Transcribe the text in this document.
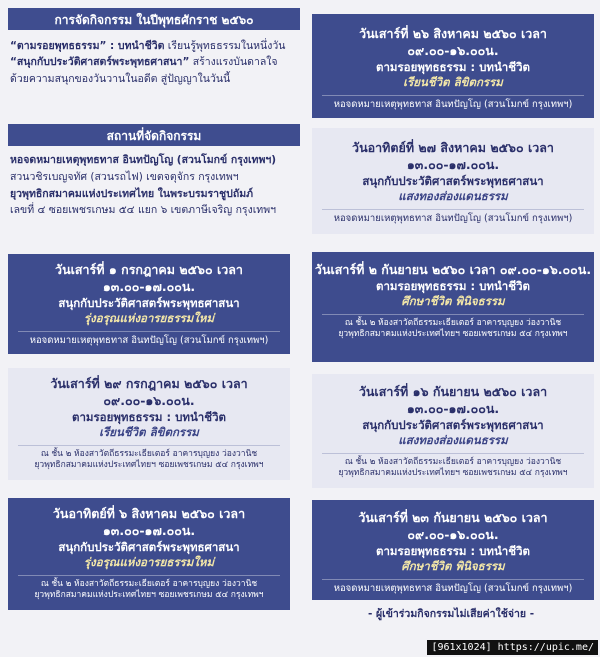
การจัดกิจกรรม ในปีพุทธศักราช ๒๕๖๐
“ตามรอยพุทธธรรม” : บทนำชีวิต เรียนรู้พุทธธรรมในหนึ่งวัน
“สนุกกับประวัติศาสตร์พระพุทธศาสนา” สร้างแรงบันดาลใจ
ด้วยความสนุกของวันวานในอดีต สู่ปัญญาในวันนี้
สถานที่จัดกิจกรรม
หอจดหมายเหตุพุทธทาส อินทปัญโญ (สวนโมกข์ กรุงเทพฯ)
สวนวชิรเบญจทัศ (สวนรถไฟ) เขตจตุจักร กรุงเทพฯ
ยุวพุทธิกสมาคมแห่งประเทศไทย ในพระบรมราชูปถัมภ์
เลขที่ ๔ ซอยเพชรเกษม ๕๔ แยก ๖ เขตภาษีเจริญ กรุงเทพฯ
วันเสาร์ที่ ๑ กรกฎาคม ๒๕๖๐ เวลา ๑๓.๐๐-๑๗.๐๐น.
สนุกกับประวัติศาสตร์พระพุทธศาสนา
รุ่งอรุณแห่งอารยธรรมใหม่
หอจดหมายเหตุพุทธทาส อินทปัญโญ (สวนโมกข์ กรุงเทพฯ)
วันเสาร์ที่ ๒๙ กรกฎาคม ๒๕๖๐ เวลา ๐๙.๐๐-๑๖.๐๐น.
ตามรอยพุทธธรรม : บทนำชีวิต
เรียนชีวิต ลิขิตกรรม
ณ ชั้น ๒ ห้องสาวัตถีธรรมะเธียเตอร์ อาคารบุญยง ว่องวานิช
ยุวพุทธิกสมาคมแห่งประเทศไทยฯ ซอยเพชรเกษม ๕๔ กรุงเทพฯ
วันอาทิตย์ที่ ๖ สิงหาคม ๒๕๖๐ เวลา ๑๓.๐๐-๑๗.๐๐น.
สนุกกับประวัติศาสตร์พระพุทธศาสนา
รุ่งอรุณแห่งอารยธรรมใหม่
ณ ชั้น ๒ ห้องสาวัตถีธรรมะเธียเตอร์ อาคารบุญยง ว่องวานิช
ยุวพุทธิกสมาคมแห่งประเทศไทยฯ ซอยเพชรเกษม ๕๔ กรุงเทพฯ
วันเสาร์ที่ ๒๖ สิงหาคม ๒๕๖๐ เวลา ๐๙.๐๐-๑๖.๐๐น.
ตามรอยพุทธธรรม : บทนำชีวิต
เรียนชีวิต ลิขิตกรรม
หอจดหมายเหตุพุทธทาส อินทปัญโญ (สวนโมกข์ กรุงเทพฯ)
วันอาทิตย์ที่ ๒๗ สิงหาคม ๒๕๖๐ เวลา ๑๓.๐๐-๑๗.๐๐น.
สนุกกับประวัติศาสตร์พระพุทธศาสนา
แสงทองส่องแดนธรรม
หอจดหมายเหตุพุทธทาส อินทปัญโญ (สวนโมกข์ กรุงเทพฯ)
วันเสาร์ที่ ๒ กันยายน ๒๕๖๐ เวลา ๐๙.๐๐-๑๖.๐๐น.
ตามรอยพุทธธรรม : บทนำชีวิต
ศึกษาชีวิต พินิจธรรม
ณ ชั้น ๒ ห้องสาวัตถีธรรมะเธียเตอร์ อาคารบุญยง ว่องวานิช
ยุวพุทธิกสมาคมแห่งประเทศไทยฯ ซอยเพชรเกษม ๕๔ กรุงเทพฯ
วันเสาร์ที่ ๑๖ กันยายน ๒๕๖๐ เวลา ๑๓.๐๐-๑๗.๐๐น.
สนุกกับประวัติศาสตร์พระพุทธศาสนา
แสงทองส่องแดนธรรม
ณ ชั้น ๒ ห้องสาวัตถีธรรมะเธียเตอร์ อาคารบุญยง ว่องวานิช
ยุวพุทธิกสมาคมแห่งประเทศไทยฯ ซอยเพชรเกษม ๕๔ กรุงเทพฯ
วันเสาร์ที่ ๒๓ กันยายน ๒๕๖๐ เวลา ๐๙.๐๐-๑๖.๐๐น.
ตามรอยพุทธธรรม : บทนำชีวิต
ศึกษาชีวิต พินิจธรรม
หอจดหมายเหตุพุทธทาส อินทปัญโญ (สวนโมกข์ กรุงเทพฯ)
- ผู้เข้าร่วมกิจกรรมไม่เสียค่าใช้จ่าย -
[961x1024] https://upic.me/
